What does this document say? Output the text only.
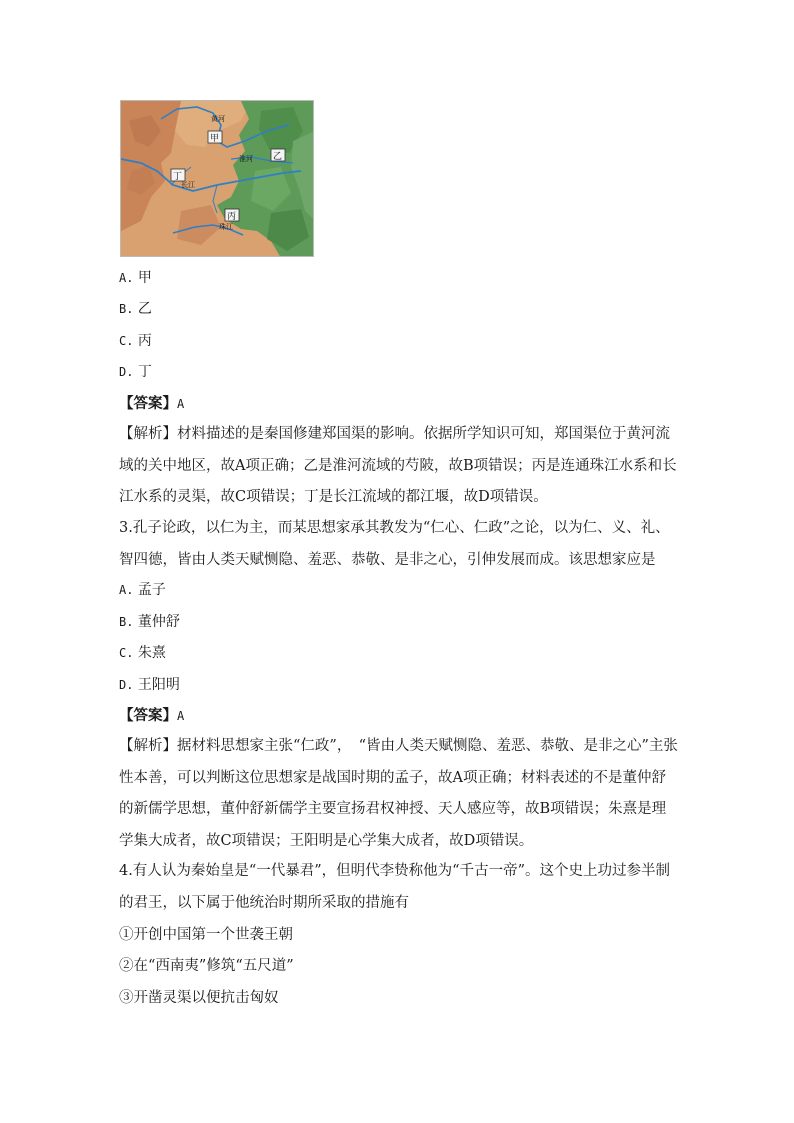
黄河
甲
淮河 乙
丁
长江
丙
珠江
A. 甲
B. 乙
C. 丙
D. 丁
【答案】A
【解析】材料描述的是秦国修建郑国渠的影响。依据所学知识可知，郑国渠位于黄河流域的关中地区，故A项正确；乙是淮河流域的芍陂，故B项错误；丙是连通珠江水系和长江水系的灵渠，故C项错误；丁是长江流域的都江堰，故D项错误。
3.孔子论政，以仁为主，而某思想家承其教发为“仁心、仁政”之论，以为仁、义、礼、智四德，皆由人类天赋恻隐、羞恶、恭敬、是非之心，引伸发展而成。该思想家应是
A. 孟子
B. 董仲舒
C. 朱熹
D. 王阳明
【答案】A
【解析】据材料思想家主张“仁政”，　“皆由人类天赋恻隐、羞恶、恭敬、是非之心”主张性本善，可以判断这位思想家是战国时期的孟子，故A项正确；材料表述的不是董仲舒的新儒学思想，董仲舒新儒学主要宣扬君权神授、天人感应等，故B项错误；朱熹是理学集大成者，故C项错误；王阳明是心学集大成者，故D项错误。
4.有人认为秦始皇是“一代暴君”，但明代李贽称他为“千古一帝”。这个史上功过参半制的君王，以下属于他统治时期所采取的措施有
①开创中国第一个世袭王朝
②在“西南夷”修筑“五尺道”
③开凿灵渠以便抗击匈奴
